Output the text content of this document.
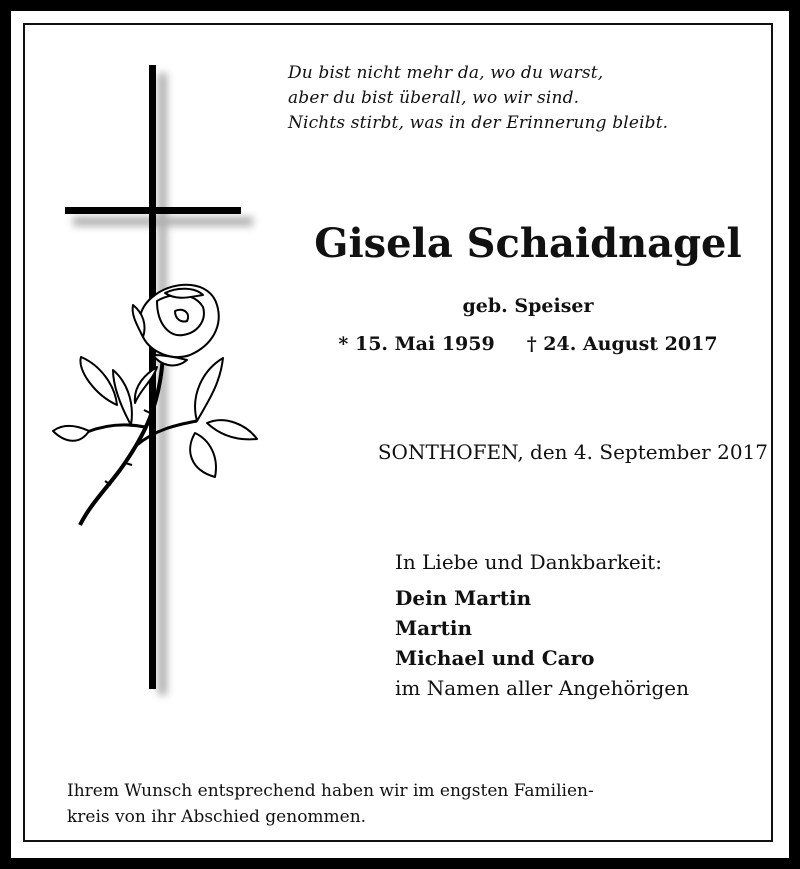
Du bist nicht mehr da, wo du warst,
aber du bist überall, wo wir sind.
Nichts stirbt, was in der Erinnerung bleibt.
Gisela Schaidnagel
geb. Speiser
* 15. Mai 1959 † 24. August 2017
SONTHOFEN, den 4. September 2017
In Liebe und Dankbarkeit:
Dein Martin
Martin
Michael und Caro
im Namen aller Angehörigen
Ihrem Wunsch entsprechend haben wir im engsten Familien-
kreis von ihr Abschied genommen.
